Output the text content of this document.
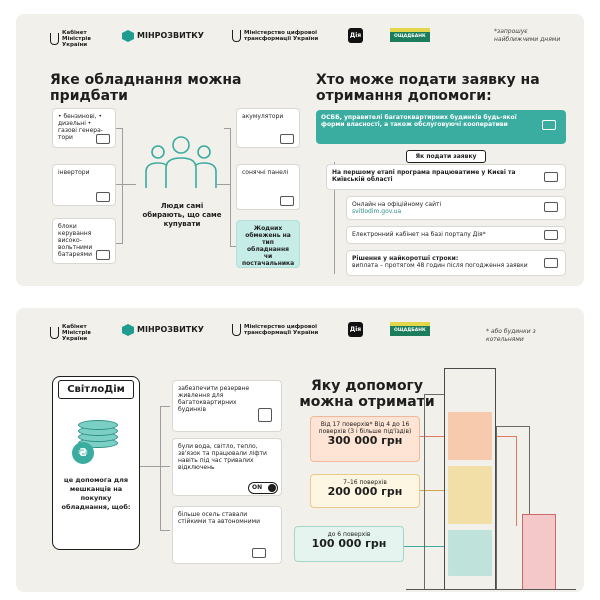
Кабінет Міністрів України
МІНРОЗВИТКУ	Міністерство цифрової трансформації України
Дія	ОЩАДБАНК
*запрошує найближчими днями
Яке обладнання можна придбати
Хто може подати заявку на отримання допомоги:
• бензинові, • дизельні • газові генера- тори
інвертори
блоки керування високо- вольтними батареями
Люди самі обирають, що саме купувати
акумулятори
сонячні панелі
Жодних обмежень на тип обладнання чи постачальника
ОСББ, управителі багатоквартирних будинків будь-якої форми власності, а також обслуговуючі кооперативи
Як подати заявку
На першому етапі програма працюватиме у Києві та Київській області
Онлайн на офіційному сайті
svitlodim.gov.ua
Електронний кабінет на базі порталу Дія*
Рішення у найкоротші строки:
виплата – протягом 48 годин після погодження заявки
Кабінет Міністрів України
МІНРОЗВИТКУ	Міністерство цифрової трансформації України
Дія	ОЩАДБАНК	* або будинки з котельнями
СвітлоДім
₴
це допомога для мешканців на покупку обладнання, щоб:
забезпечити резервне живлення для багатоквартирних будинків
були вода, світло, тепло, зв'язок та працювали ліфти навіть під час тривалих відключень
ON
більше осель ставали стійкими та автономними
Яку допомогу можна отримати
Від 17 поверхів* Від 4 до 16 поверхів (3 і більше під'їздів)
300 000 грн
7–16 поверхів
200 000 грн
до 6 поверхів
100 000 грн
